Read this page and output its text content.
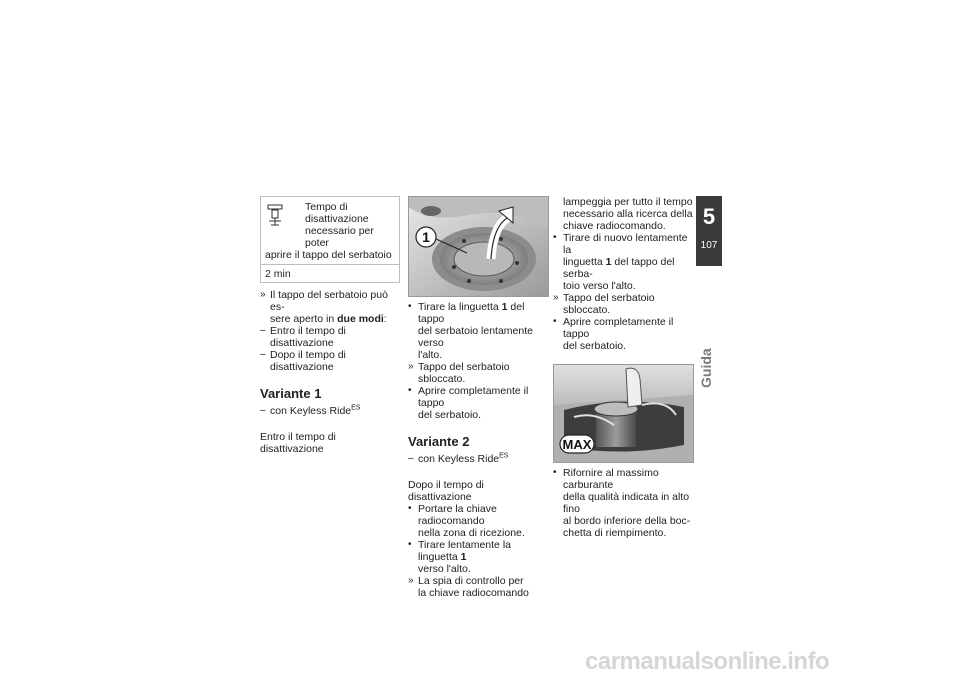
Tempo di disattivazione
necessario per poter
aprire il tappo del serbatoio
2 min
»
Il tappo del serbatoio può es-
sere aperto in due modi:
–
Entro il tempo di disattivazione
–
Dopo il tempo di disattivazione
Variante 1
–
con Keyless Ride$^{ES}$

Entro il tempo di disattivazione

1
•
Tirare la linguetta 1 del tappo
del serbatoio lentamente verso
l'alto.
»
Tappo del serbatoio sbloccato.
•
Aprire completamente il tappo
del serbatoio.
Variante 2
–
con Keyless Ride$^{ES}$

Dopo il tempo di disattivazione

•
Portare la chiave radiocomando
nella zona di ricezione.
•
Tirare lentamente la linguetta 1
verso l'alto.
»
La spia di controllo per
la chiave radiocomando
lampeggia per tutto il tempo
necessario alla ricerca della
chiave radiocomando.
•
Tirare di nuovo lentamente la
linguetta 1 del tappo del serba-
toio verso l'alto.
»
Tappo del serbatoio sbloccato.
•
Aprire completamente il tappo
del serbatoio.
MAX
•
Rifornire al massimo carburante
della qualità indicata in alto fino
al bordo inferiore della boc-
chetta di riempimento.
5
107
Guida
carmanualsonline.info
